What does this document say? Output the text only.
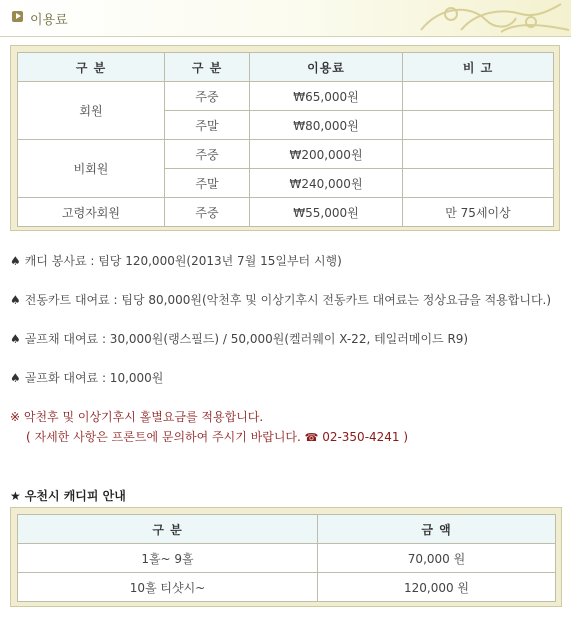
이용료
구 분	구 분	이용료	비 고
회원	주중	₩65,000원	
	주말	₩80,000원	
비회원	주중	₩200,000원	
	주말	₩240,000원	
고령자회원	주중	₩55,000원	만 75세이상
♠ 캐디 봉사료 : 팀당 120,000원(2013년 7월 15일부터 시행)
♠ 전동카트 대여료 : 팀당 80,000원(악천후 및 이상기후시 전동카트 대여료는 정상요금을 적용합니다.)
♠ 골프채 대여료 : 30,000원(랭스필드) / 50,000원(켈러웨이 X-22, 테일러메이드 R9)
♠ 골프화 대여료 : 10,000원
※ 악천후 및 이상기후시 홀별요금를 적용합니다.
( 자세한 사항은 프론트에 문의하여 주시기 바랍니다. ☎ 02-350-4241 )
★ 우천시 캐디피 안내
구 분	금 액
1홀~ 9홀	70,000 원
10홀 티샷시~	120,000 원
